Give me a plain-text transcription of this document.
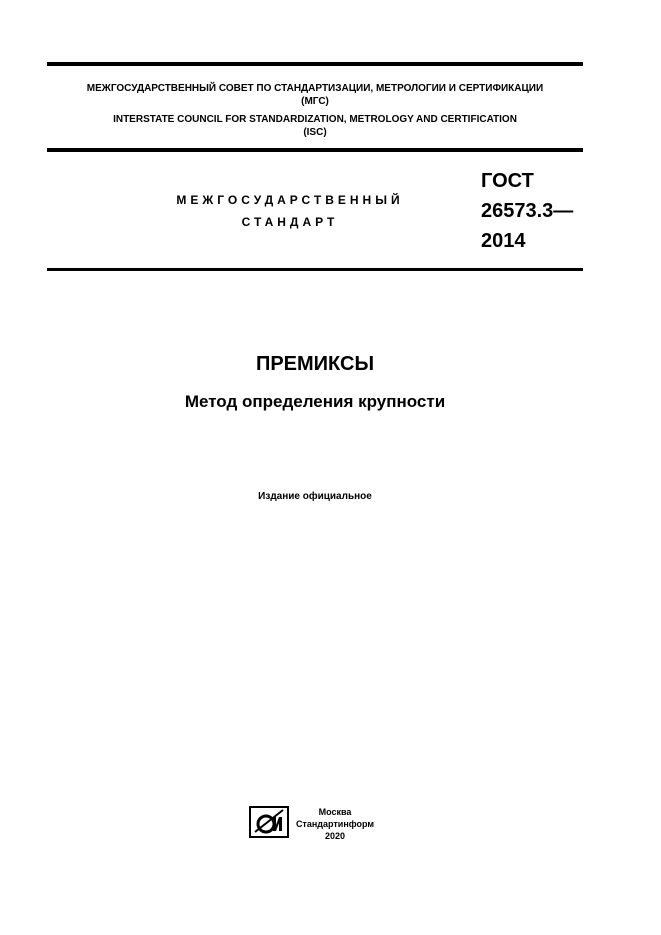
МЕЖГОСУДАРСТВЕННЫЙ СОВЕТ ПО СТАНДАРТИЗАЦИИ, МЕТРОЛОГИИ И СЕРТИФИКАЦИИ
(МГС)
INTERSTATE COUNCIL FOR STANDARDIZATION, METROLOGY AND CERTIFICATION
(ISC)
МЕЖГОСУДАРСТВЕННЫЙ
СТАНДАРТ
ГОСТ
26573.3—
2014
ПРЕМИКСЫ
Метод определения крупности
Издание официальное
Москва
Стандартинформ
2020
